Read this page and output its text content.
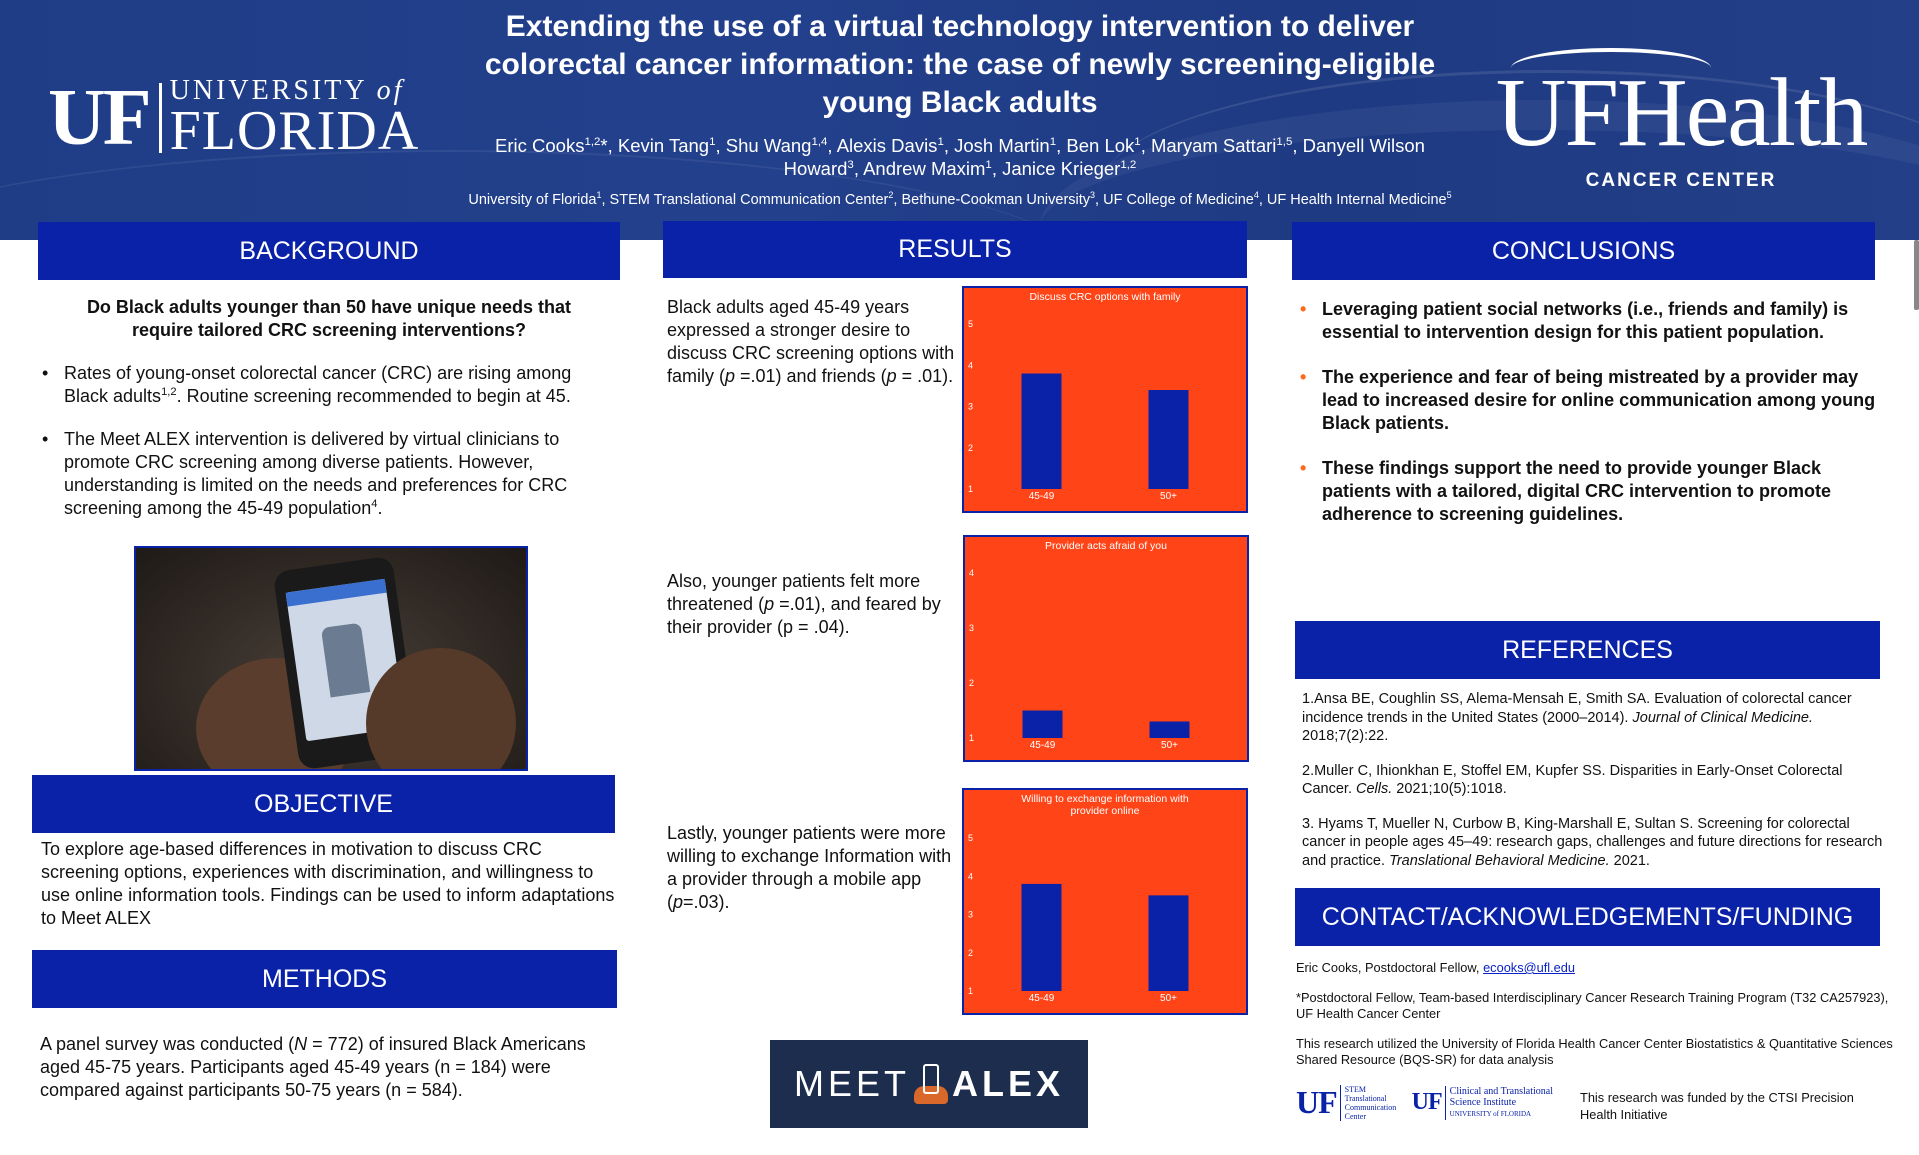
UF UNIVERSITY of
FLORIDA
Extending the use of a virtual technology intervention to deliver colorectal cancer information: the case of newly screening-eligible young Black adults
Eric Cooks$^{1,2}$*, Kevin Tang$^1$, Shu Wang$^{1,4}$, Alexis Davis$^1$, Josh Martin$^1$, Ben Lok$^1$, Maryam Sattari$^{1,5}$, Danyell Wilson Howard$^3$, Andrew Maxim$^1$, Janice Krieger$^{1,2}$
University of Florida$^1$, STEM Translational Communication Center$^2$, Bethune-Cookman University$^3$, UF College of Medicine$^4$, UF Health Internal Medicine$^5$
UFHealth
CANCER CENTER
BACKGROUND

Do Black adults younger than 50 have unique needs that require tailored CRC screening interventions?

• Rates of young-onset colorectal cancer (CRC) are rising among Black adults$^{1,2}$. Routine screening recommended to begin at 45.
• The Meet ALEX intervention is delivered by virtual clinicians to promote CRC screening among diverse patients. However, understanding is limited on the needs and preferences for CRC screening among the 45-49 population$^4$.
OBJECTIVE
To explore age-based differences in motivation to discuss CRC screening options, experiences with discrimination, and willingness to use online information tools. Findings can be used to inform adaptations to Meet ALEX
METHODS
A panel survey was conducted (N = 772) of insured Black Americans aged 45-75 years. Participants aged 45-49 years (n = 184) were compared against participants 50-75 years (n = 584).
RESULTS
Black adults aged 45-49 years expressed a stronger desire to discuss CRC screening options with family (p =.01) and friends (p = .01).
Also, younger patients felt more threatened (p =.01), and feared by their provider (p = .04).
Lastly, younger patients were more willing to exchange Information with a provider through a mobile app (p=.03).
Discuss CRC options with family
1
2
3
4
5
45-49	50+
Provider acts afraid of you
1
2
3
4
45-49	50+
Willing to exchange information with
provider online
1
2
3
4
5
45-49	50+
MEET ALEX
CONCLUSIONS
• Leveraging patient social networks (i.e., friends and family) is essential to intervention design for this patient population.
• The experience and fear of being mistreated by a provider may lead to increased desire for online communication among young Black patients.
• These findings support the need to provide younger Black patients with a tailored, digital CRC intervention to promote adherence to screening guidelines.
REFERENCES

1.Ansa BE, Coughlin SS, Alema-Mensah E, Smith SA. Evaluation of colorectal cancer incidence trends in the United States (2000–2014). Journal of Clinical Medicine. 2018;7(2):22.

2.Muller C, Ihionkhan E, Stoffel EM, Kupfer SS. Disparities in Early-Onset Colorectal Cancer. Cells. 2021;10(5):1018.

3. Hyams T, Mueller N, Curbow B, King-Marshall E, Sultan S. Screening for colorectal cancer in people ages 45–49: research gaps, challenges and future directions for research and practice. Translational Behavioral Medicine. 2021.

CONTACT/ACKNOWLEDGEMENTS/FUNDING

Eric Cooks, Postdoctoral Fellow, ecooks@ufl.edu

*Postdoctoral Fellow, Team-based Interdisciplinary Cancer Research Training Program (T32 CA257923), UF Health Cancer Center

This research utilized the University of Florida Health Cancer Center Biostatistics & Quantitative Sciences Shared Resource (BQS-SR) for data analysis

UF	STEM Translational Communication Center
UF Clinical and Translational
Science Institute
UNIVERSITY of FLORIDA
This research was funded by the CTSI Precision Health Initiative
